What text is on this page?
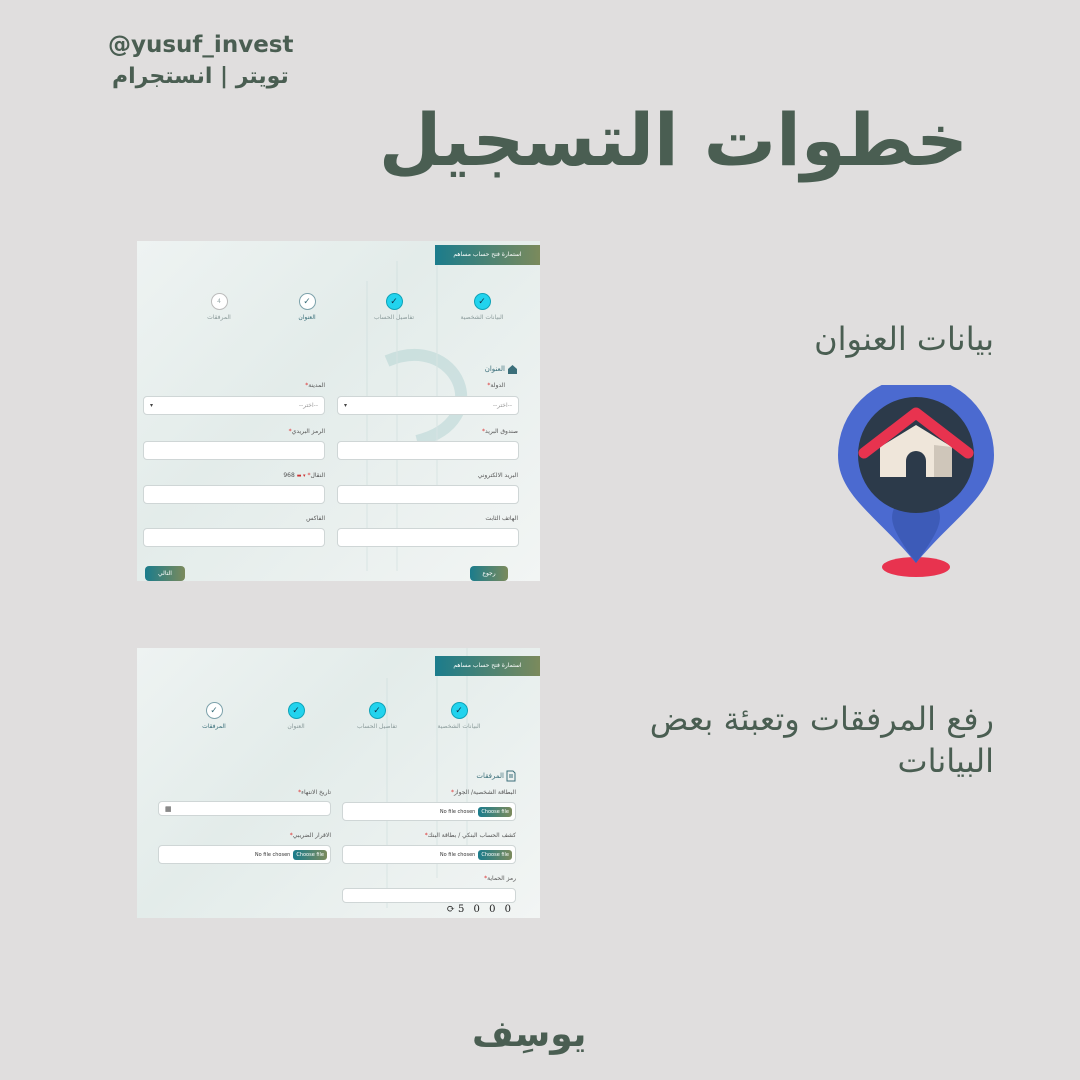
@yusuf_invest
تويتر | انستجرام
خطوات التسجيل
بيانات العنوان
رفع المرفقات وتعبئة بعض البيانات
استمارة فتح حساب مساهم
4
المرفقات
✓
العنوان
✓
تفاصيل الحساب
✓
البيانات الشخصية
العنوان
الدولة*
--اختر--
▾
المدينة*
--اختر--
▾
صندوق البريد*
الرمز البريدي*
البريد الالكتروني
النقال* ▾ ▬ 968
الهاتف الثابت
الفاكس
رجوع
التالي
استمارة فتح حساب مساهم
✓
المرفقات
✓
العنوان
✓
تفاصيل الحساب
✓
البيانات الشخصية
المرفقات
البطاقة الشخصية/ الجواز*
Choose file
No file chosen
تاريخ الانتهاء*
▦
كشف الحساب البنكي / بطاقة البنك*
Choose file
No file chosen
الاقرار الضريبي*
Choose file
No file chosen
رمز الحماية*
⟳5 0 0 0
يوسِف
